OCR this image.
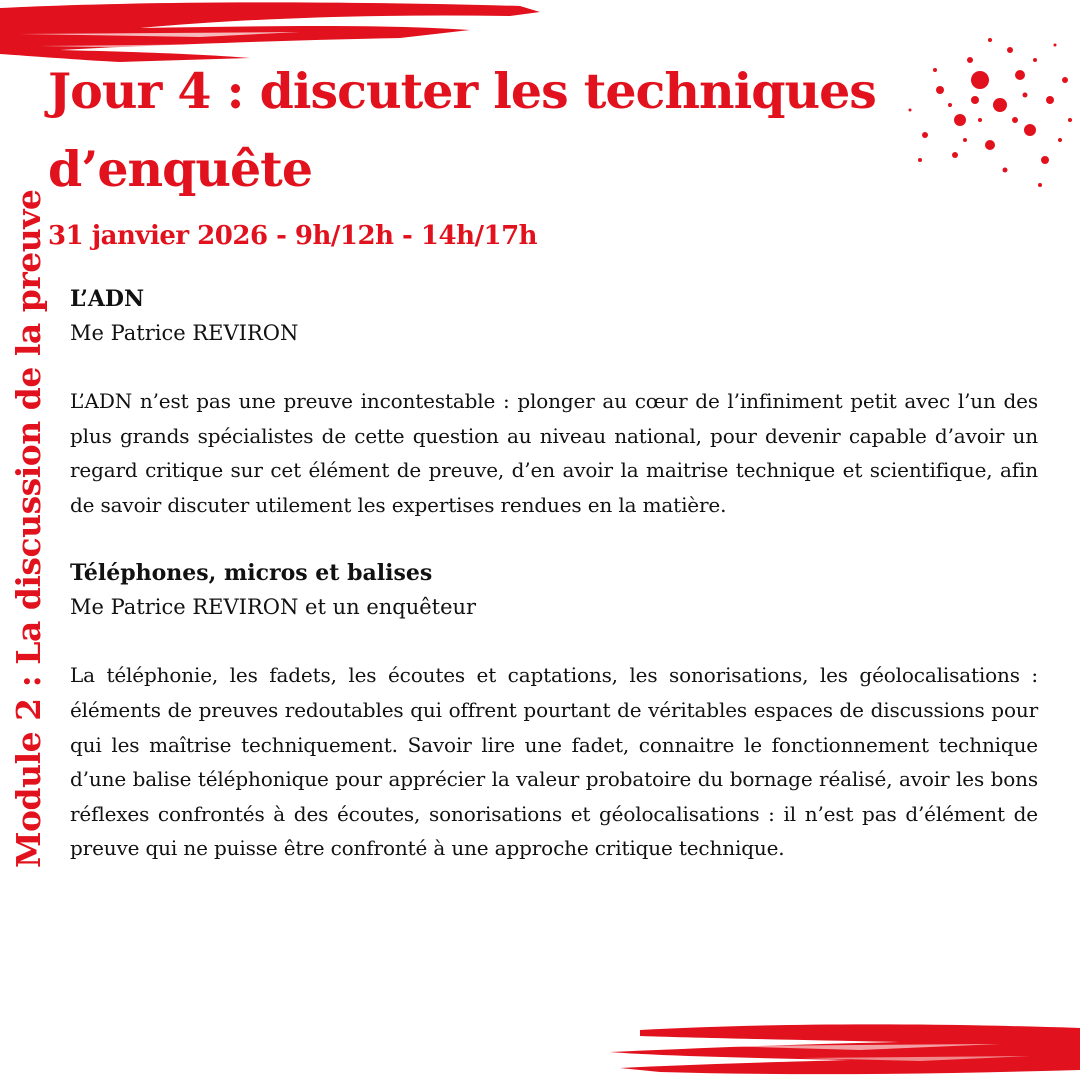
Module 2 : La discussion de la preuve
Jour 4 : discuter les techniques d’enquête
31 janvier 2026 - 9h/12h - 14h/17h
L’ADN

Me Patrice REVIRON

L’ADN n’est pas une preuve incontestable : plonger au cœur de l’infiniment petit avec l’un des plus grands spécialistes de cette question au niveau national, pour devenir capable d’avoir un regard critique sur cet élément de preuve, d’en avoir la maitrise technique et scientifique, afin de savoir discuter utilement les expertises rendues en la matière.

Téléphones, micros et balises

Me Patrice REVIRON et un enquêteur

La téléphonie, les fadets, les écoutes et captations, les sonorisations, les géolocalisations : éléments de preuves redoutables qui offrent pourtant de véritables espaces de discussions pour qui les maîtrise techniquement. Savoir lire une fadet, connaitre le fonctionnement technique d’une balise téléphonique pour apprécier la valeur probatoire du bornage réalisé, avoir les bons réflexes confrontés à des écoutes, sonorisations et géolocalisations : il n’est pas d’élément de preuve qui ne puisse être confronté à une approche critique technique.
